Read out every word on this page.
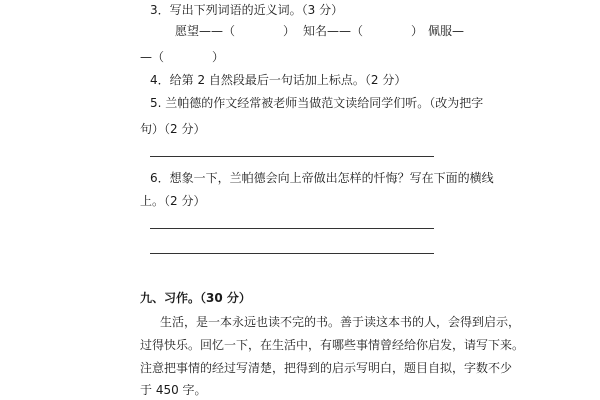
3．写出下列词语的近义词。（3 分）
愿望——（　　　　） 知名——（　　　　） 佩服—
—（　　　　）
4．给第 2 自然段最后一句话加上标点。（2 分）
5. 兰帕德的作文经常被老师当做范文读给同学们听。（改为把字
句）（2 分）
6．想象一下，兰帕德会向上帝做出怎样的忏悔？写在下面的横线
上。（2 分）
九、习作。（30 分）
生活，是一本永远也读不完的书。善于读这本书的人，会得到启示，
过得快乐。回忆一下，在生活中，有哪些事情曾经给你启发，请写下来。
注意把事情的经过写清楚，把得到的启示写明白，题目自拟，字数不少
于 450 字。
